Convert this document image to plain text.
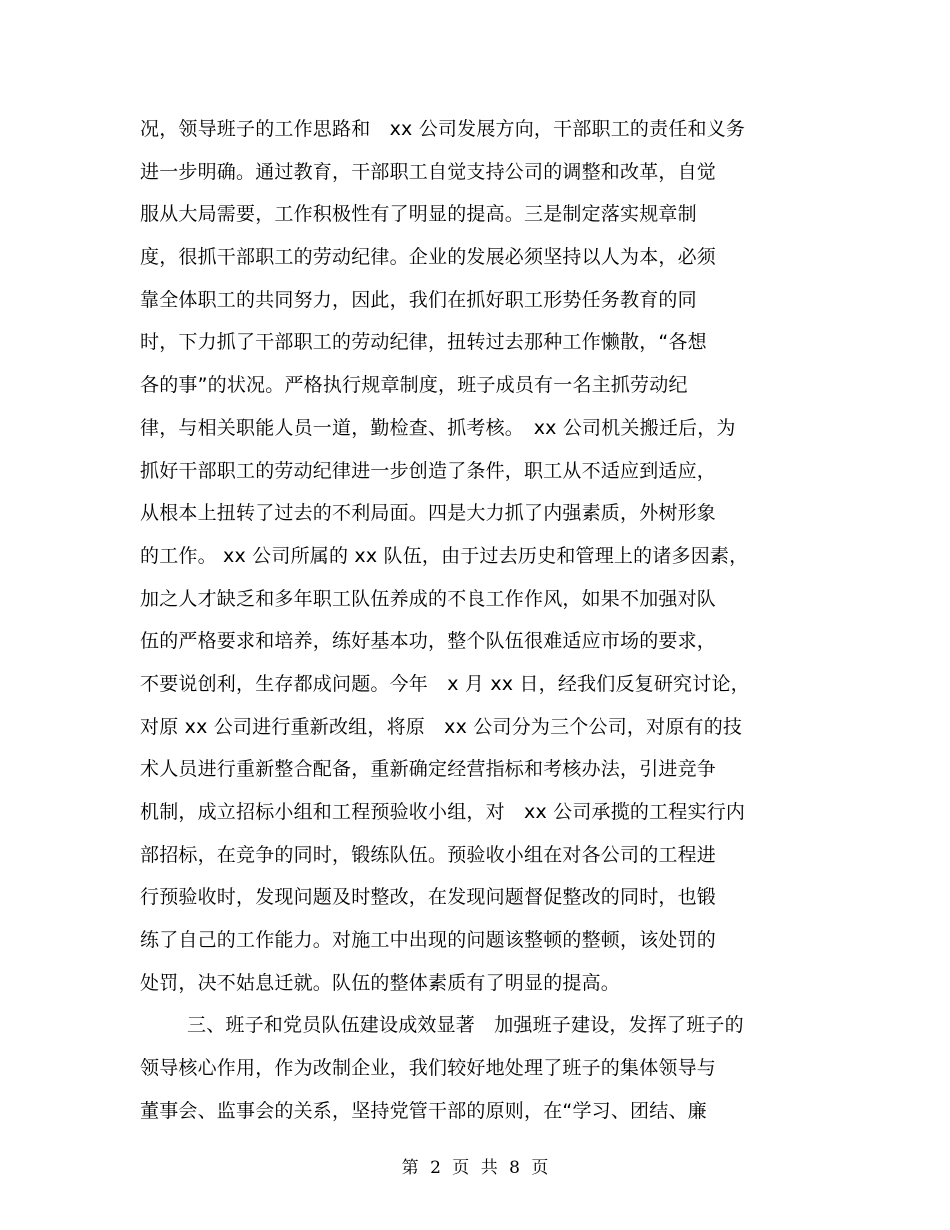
况，领导班子的工作思路和　xx 公司发展方向，干部职工的责任和义务
进一步明确。通过教育，干部职工自觉支持公司的调整和改革，自觉
服从大局需要，工作积极性有了明显的提高。三是制定落实规章制
度，很抓干部职工的劳动纪律。企业的发展必须坚持以人为本，必须
靠全体职工的共同努力，因此，我们在抓好职工形势任务教育的同
时，下力抓了干部职工的劳动纪律，扭转过去那种工作懒散，“各想
各的事”的状况。严格执行规章制度，班子成员有一名主抓劳动纪
律，与相关职能人员一道，勤检查、抓考核。　xx 公司机关搬迁后，为
抓好干部职工的劳动纪律进一步创造了条件，职工从不适应到适应，
从根本上扭转了过去的不利局面。四是大力抓了内强素质，外树形象
的工作。 xx 公司所属的 xx 队伍，由于过去历史和管理上的诸多因素，
加之人才缺乏和多年职工队伍养成的不良工作作风，如果不加强对队
伍的严格要求和培养，练好基本功，整个队伍很难适应市场的要求，
不要说创利，生存都成问题。今年　x 月 xx 日，经我们反复研究讨论，
对原 xx 公司进行重新改组，将原　xx 公司分为三个公司，对原有的技
术人员进行重新整合配备，重新确定经营指标和考核办法，引进竞争
机制，成立招标小组和工程预验收小组，对　xx 公司承揽的工程实行内
部招标，在竞争的同时，锻练队伍。预验收小组在对各公司的工程进
行预验收时，发现问题及时整改，在发现问题督促整改的同时，也锻
练了自己的工作能力。对施工中出现的问题该整顿的整顿，该处罚的
处罚，决不姑息迁就。队伍的整体素质有了明显的提高。
三、班子和党员队伍建设成效显著　加强班子建设，发挥了班子的
领导核心作用，作为改制企业，我们较好地处理了班子的集体领导与
董事会、监事会的关系，坚持党管干部的原则，在“学习、团结、廉
第 2 页 共 8 页
